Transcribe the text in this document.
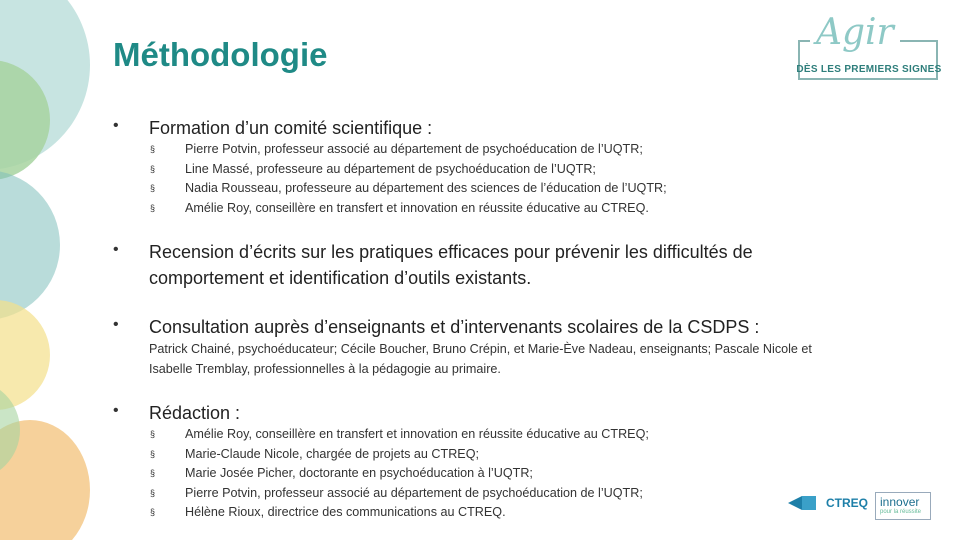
Méthodologie
Agir
DÈS LES PREMIERS SIGNES
•	Formation d’un comité scientifique :
§	Pierre Potvin, professeur associé au département de psychoéducation de l’UQTR;
§	Line Massé, professeure au département de psychoéducation de l’UQTR;
§	Nadia Rousseau, professeure au département des sciences de l’éducation de l’UQTR;
§	Amélie Roy, conseillère en transfert et innovation en réussite éducative au CTREQ.
•	Recension d’écrits sur les pratiques efficaces pour prévenir les difficultés de
comportement et identification d’outils existants.
•	Consultation auprès d’enseignants et d’intervenants scolaires de la CSDPS :
Patrick Chainé, psychoéducateur; Cécile Boucher, Bruno Crépin, et Marie-Ève Nadeau, enseignants; Pascale Nicole et
Isabelle Tremblay, professionnelles à la pédagogie au primaire.
•	Rédaction :
§	Amélie Roy, conseillère en transfert et innovation en réussite éducative au CTREQ;
§	Marie-Claude Nicole, chargée de projets au CTREQ;
§	Marie Josée Picher, doctorante en psychoéducation à l’UQTR;
§	Pierre Potvin, professeur associé au département de psychoéducation de l’UQTR;
§	Hélène Rioux, directrice des communications au CTREQ.
CTREQ innover
pour la réussite
